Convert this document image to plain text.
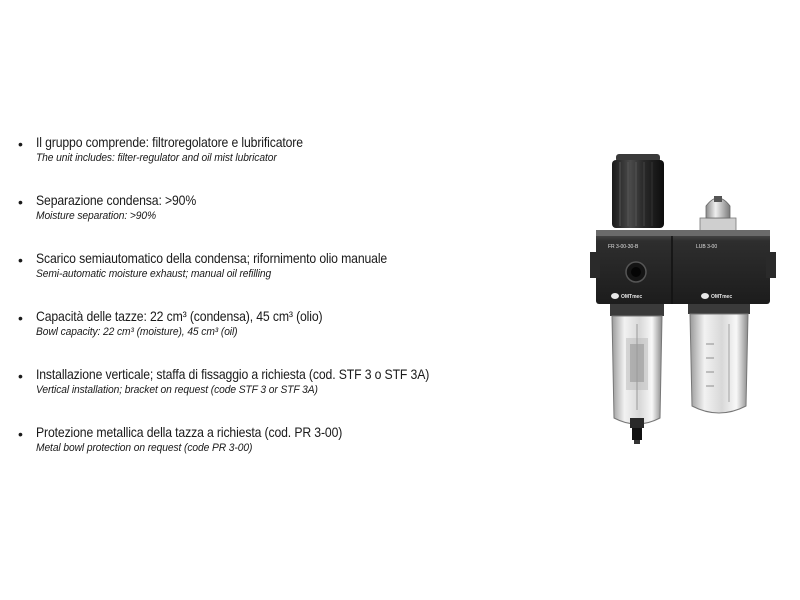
• Il gruppo comprende: filtroregolatore e lubrificatore
The unit includes: filter-regulator and oil mist lubricator
• Separazione condensa: >90%
Moisture separation: >90%
• Scarico semiautomatico della condensa; rifornimento olio manuale
Semi-automatic moisture exhaust; manual oil refilling
• Capacità delle tazze: 22 cm³ (condensa), 45 cm³ (olio)
Bowl capacity: 22 cm³ (moisture), 45 cm³ (oil)
• Installazione verticale; staffa di fissaggio a richiesta (cod. STF 3 o STF 3A)
Vertical installation; bracket on request (code STF 3 or STF 3A)
• Protezione metallica della tazza a richiesta (cod. PR 3-00)
Metal bowl protection on request (code PR 3-00)
FR 3-00-30-B	LUB 3-00
OMTmec	OMTmec
